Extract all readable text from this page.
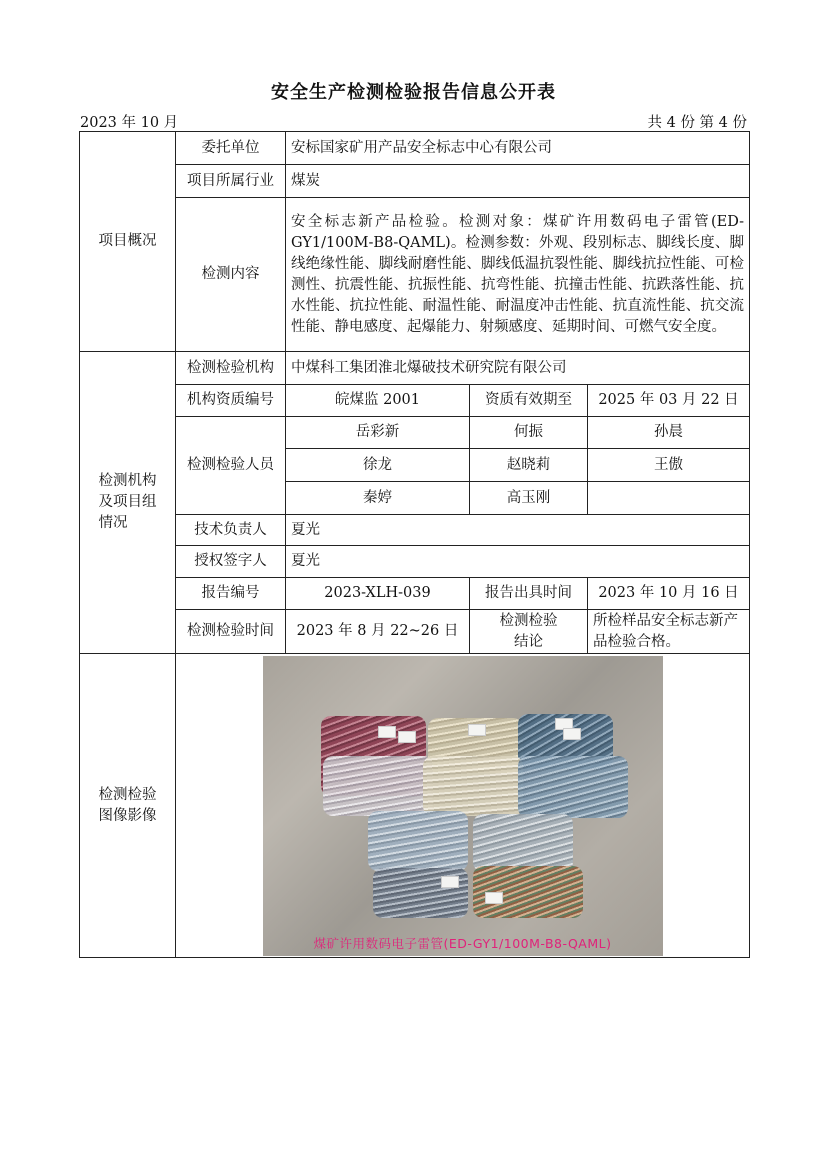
安全生产检测检验报告信息公开表
2023 年 10 月	共 4 份 第 4 份
项目概况	委托单位	安标国家矿用产品安全标志中心有限公司		
	项目所属行业	煤炭		
	检测内容	安全标志新产品检验。检测对象：煤矿许用数码电子雷管(ED-GY1/100M-B8-QAML)。检测参数：外观、段别标志、脚线长度、脚线绝缘性能、脚线耐磨性能、脚线低温抗裂性能、脚线抗拉性能、可检测性、抗震性能、抗振性能、抗弯性能、抗撞击性能、抗跌落性能、抗水性能、抗拉性能、耐温性能、耐温度冲击性能、抗直流性能、抗交流性能、静电感度、起爆能力、射频感度、延期时间、可燃气安全度。		

检测机构及项目组情况	检测检验机构	中煤科工集团淮北爆破技术研究院有限公司		
	机构资质编号	皖煤监 2001	资质有效期至	2025 年 03 月 22 日
	检测检验人员	岳彩新	何振	孙晨
		徐龙	赵晓莉	王傲
		秦婷	高玉刚	
	技术负责人	夏光		
	授权签字人	夏光		
	报告编号	2023-XLH-039	报告出具时间	2023 年 10 月 16 日
	检测检验时间	2023 年 8 月 22~26 日	检测检验结论	所检样品安全标志新产品检验合格。

检测检验图像影像	煤矿许用数码电子雷管(ED-GY1/100M-B8-QAML)			
